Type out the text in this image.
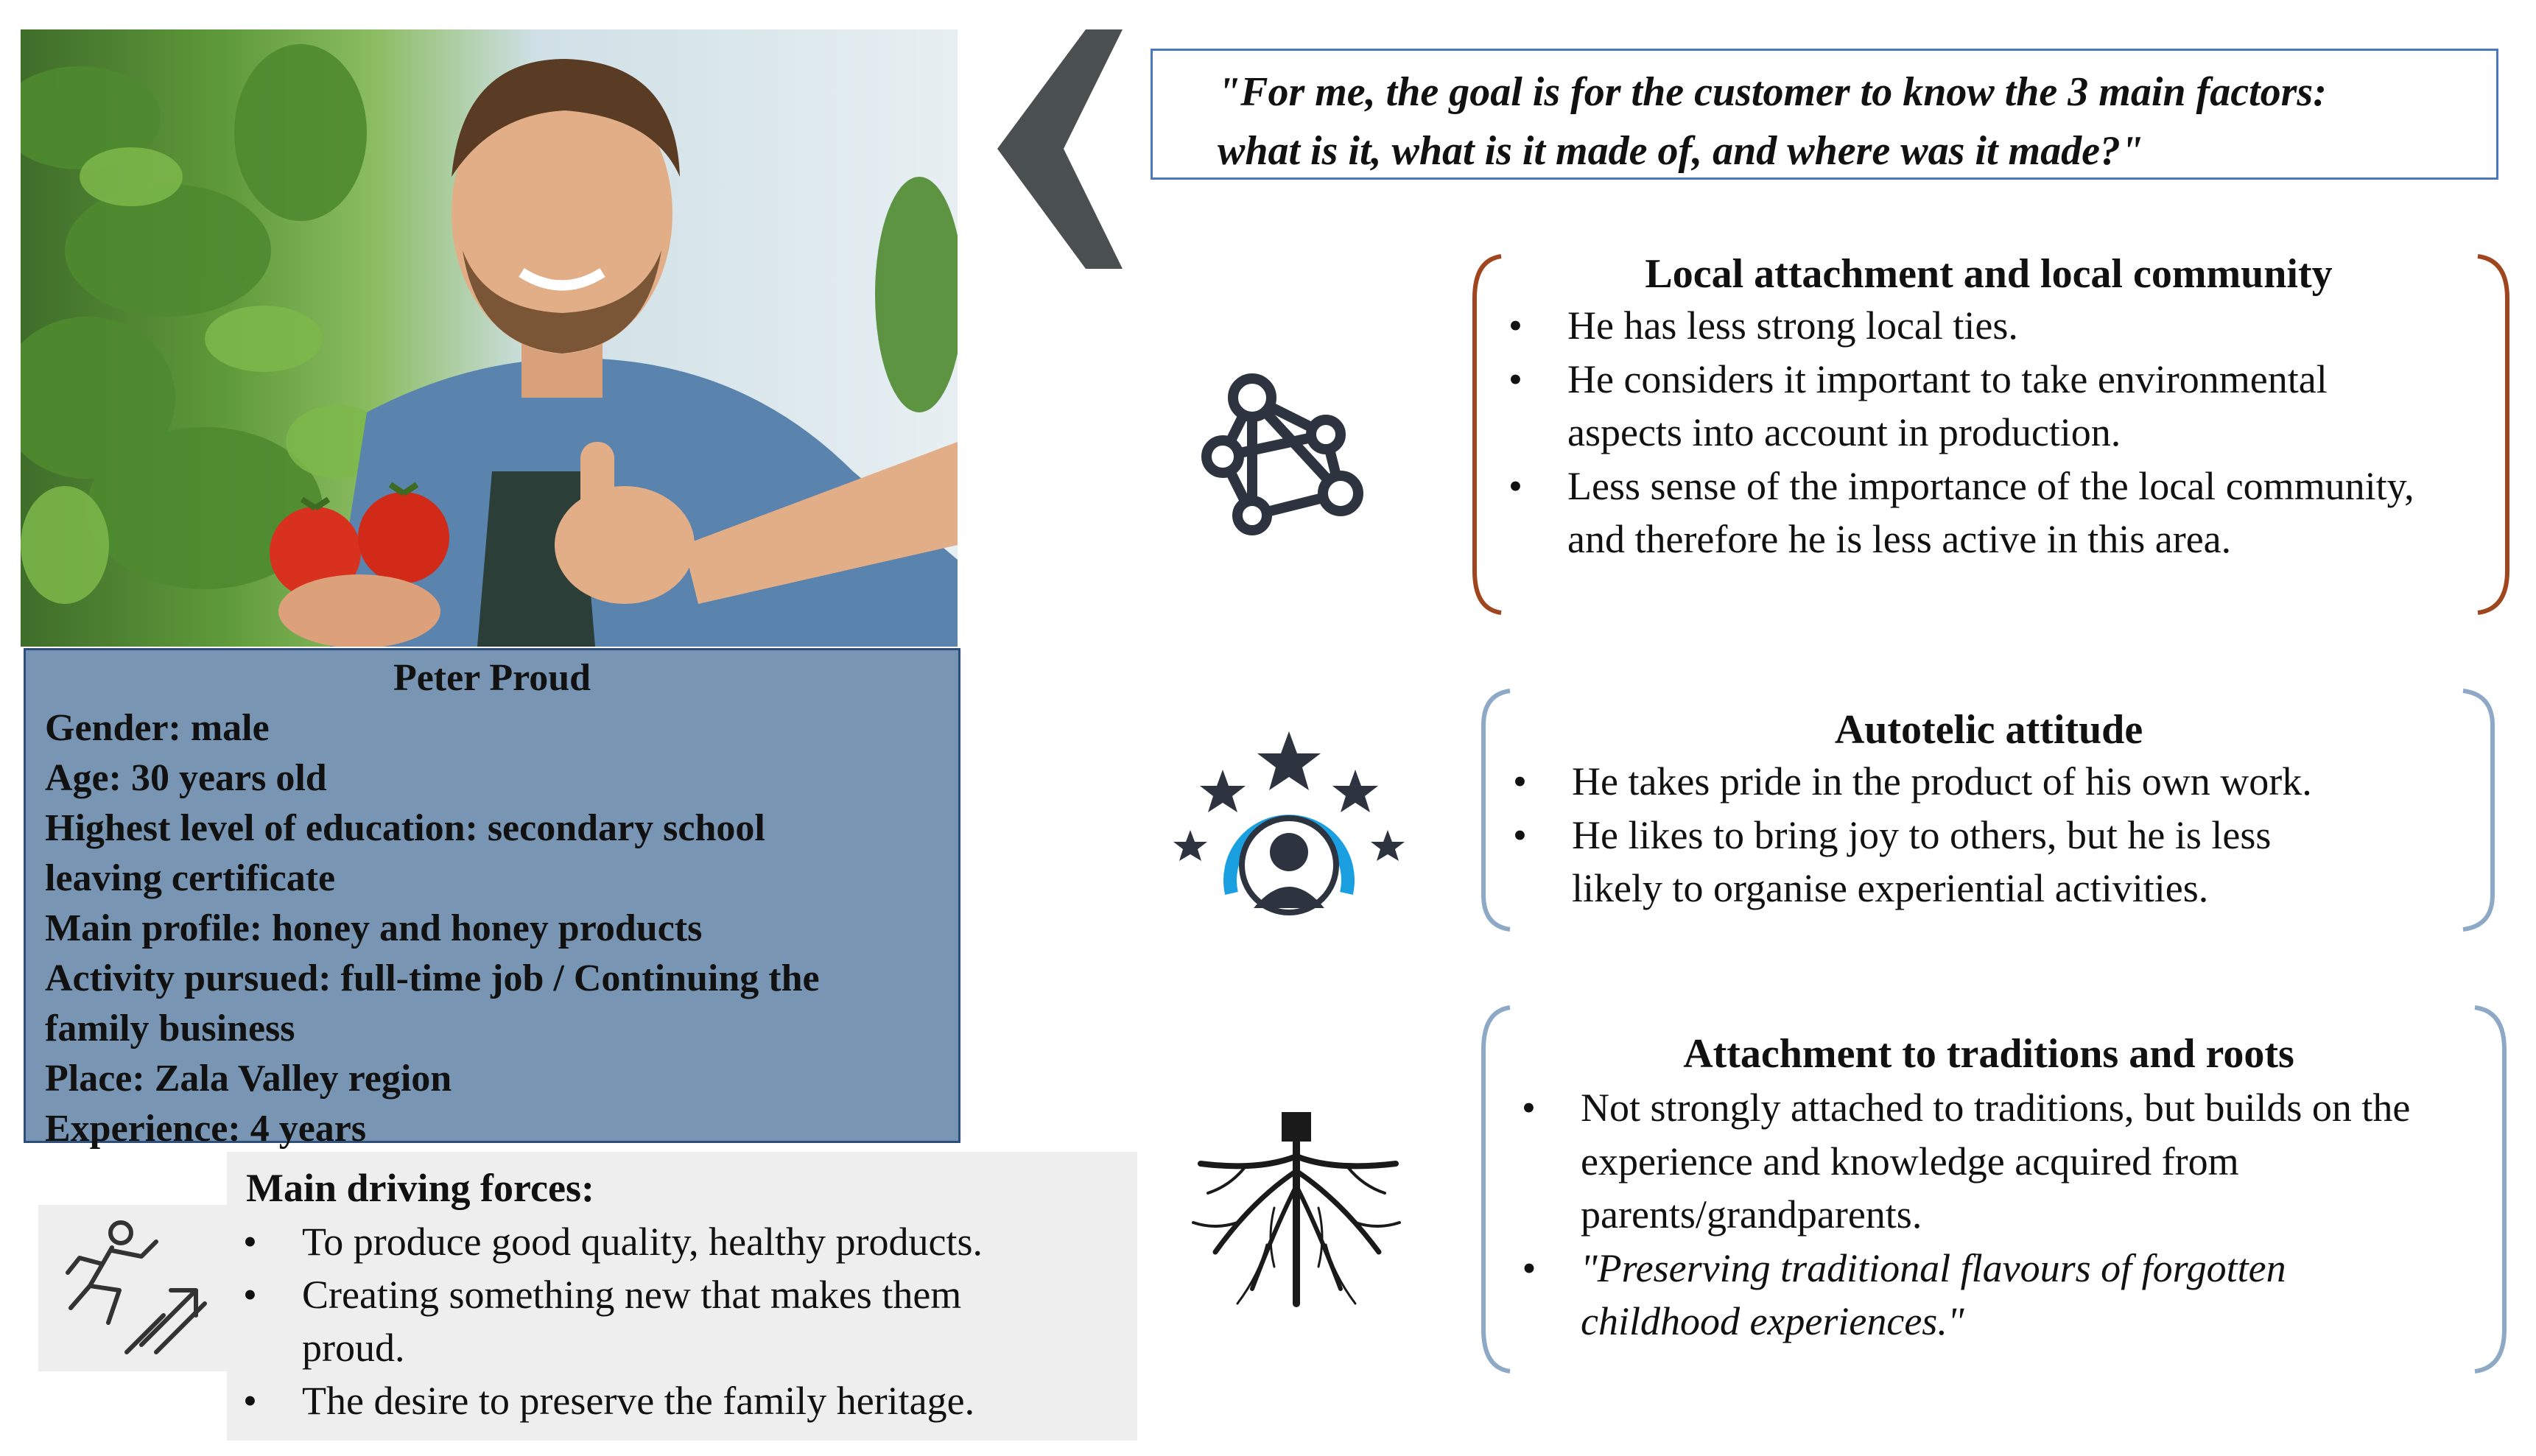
Peter Proud
Gender: male
Age: 30 years old
Highest level of education: secondary school
leaving certificate
Main profile: honey and honey products
Activity pursued: full-time job / Continuing the
family business
Place: Zala Valley region
Experience: 4 years
Main driving forces:
• To produce good quality, healthy products.
• Creating something new that makes them proud.
• The desire to preserve the family heritage.
"For me, the goal is for the customer to know the 3 main factors:
what is it, what is it made of, and where was it made?"
Local attachment and local community
• He has less strong local ties.
• He considers it important to take environmental aspects into account in production.
• Less sense of the importance of the local community, and therefore he is less active in this area.
Autotelic attitude
• He takes pride in the product of his own work.
• He likes to bring joy to others, but he is less likely to organise experiential activities.
Attachment to traditions and roots
• Not strongly attached to traditions, but builds on the experience and knowledge acquired from parents/grandparents.
• "Preserving traditional flavours of forgotten childhood experiences."
